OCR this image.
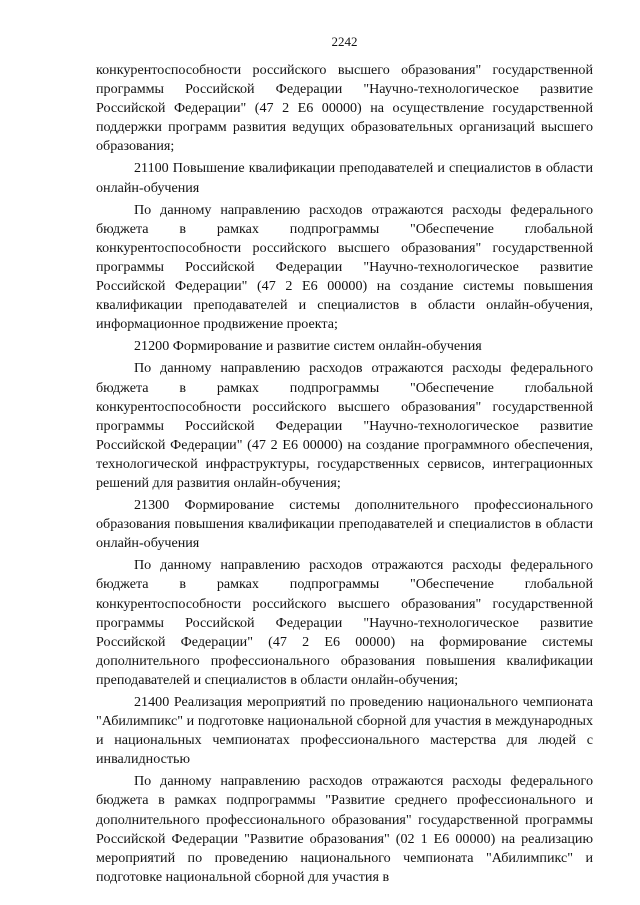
2242

конкурентоспособности российского высшего образования" государственной программы Российской Федерации "Научно-технологическое развитие Российской Федерации" (47 2 Е6 00000) на осуществление государственной поддержки программ развития ведущих образовательных организаций высшего образования;

21100 Повышение квалификации преподавателей и специалистов в области онлайн-обучения

По данному направлению расходов отражаются расходы федерального бюджета в рамках подпрограммы "Обеспечение глобальной конкурентоспособности российского высшего образования" государственной программы Российской Федерации "Научно-технологическое развитие Российской Федерации" (47 2 Е6 00000) на создание системы повышения квалификации преподавателей и специалистов в области онлайн-обучения, информационное продвижение проекта;

21200 Формирование и развитие систем онлайн-обучения

По данному направлению расходов отражаются расходы федерального бюджета в рамках подпрограммы "Обеспечение глобальной конкурентоспособности российского высшего образования" государственной программы Российской Федерации "Научно-технологическое развитие Российской Федерации" (47 2 Е6 00000) на создание программного обеспечения, технологической инфраструктуры, государственных сервисов, интеграционных решений для развития онлайн-обучения;

21300 Формирование системы дополнительного профессионального образования повышения квалификации преподавателей и специалистов в области онлайн-обучения

По данному направлению расходов отражаются расходы федерального бюджета в рамках подпрограммы "Обеспечение глобальной конкурентоспособности российского высшего образования" государственной программы Российской Федерации "Научно-технологическое развитие Российской Федерации" (47 2 Е6 00000) на формирование системы дополнительного профессионального образования повышения квалификации преподавателей и специалистов в области онлайн-обучения;

21400 Реализация мероприятий по проведению национального чемпионата "Абилимпикс" и подготовке национальной сборной для участия в международных и национальных чемпионатах профессионального мастерства для людей с инвалидностью

По данному направлению расходов отражаются расходы федерального бюджета в рамках подпрограммы "Развитие среднего профессионального и дополнительного профессионального образования" государственной программы Российской Федерации "Развитие образования" (02 1 Е6 00000) на реализацию мероприятий по проведению национального чемпионата "Абилимпикс" и подготовке национальной сборной для участия в
